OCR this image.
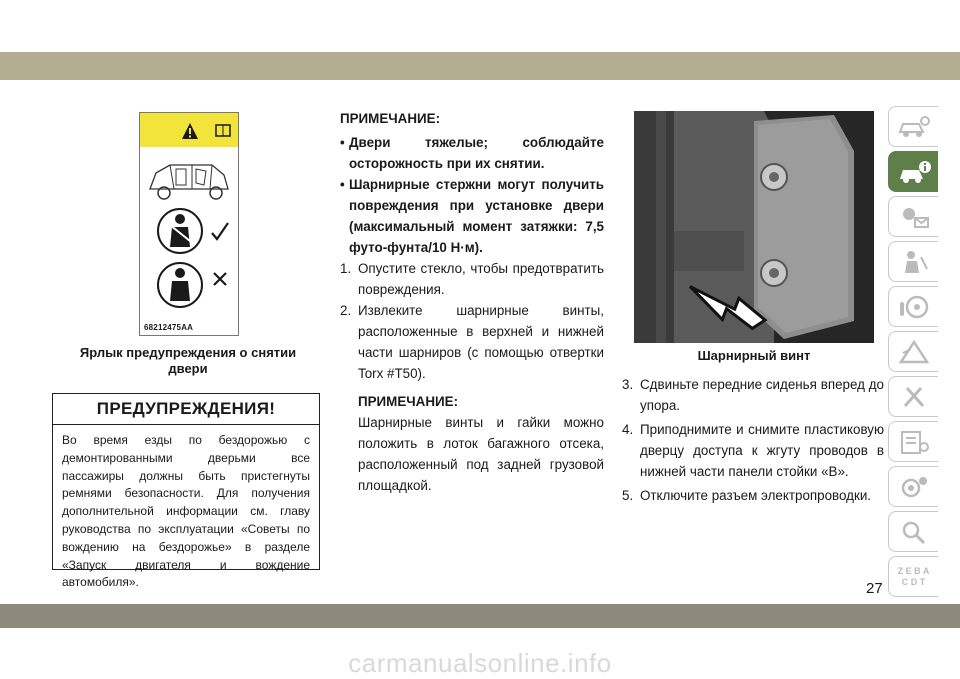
68212475AA
Ярлык предупреждения о снятии двери
ПРЕДУПРЕЖДЕНИЯ!
Во время езды по бездорожью с демонтированными дверьми все пассажиры должны быть пристегнуты ремнями безопасности. Для получения дополнительной информации см. главу руководства по эксплуатации «Советы по вождению на бездорожье» в разделе «Запуск двигателя и вождение автомобиля».

ПРИМЕЧАНИЕ:

• Двери тяжелые; соблюдайте осторожность при их снятии.

• Шарнирные стержни могут получить повреждения при установке двери (максимальный момент затяжки: 7,5 футо-фунта/10 Н·м).

1. Опустите стекло, чтобы предотвратить повреждения.

2. Извлеките шарнирные винты, расположенные в верхней и нижней части шарниров (с помощью отвертки Torx #T50).

ПРИМЕЧАНИЕ:
Шарнирные винты и гайки можно положить в лоток багажного отсека, расположенный под задней грузовой площадкой.
Шарнирный винт

3. Сдвиньте передние сиденья вперед до упора.

4. Приподнимите и снимите пластиковую дверцу доступа к жгуту проводов в нижней части панели стойки «B».

5. Отключите разъем электропроводки.

Z E B A C D T
27
carmanualsonline.info
